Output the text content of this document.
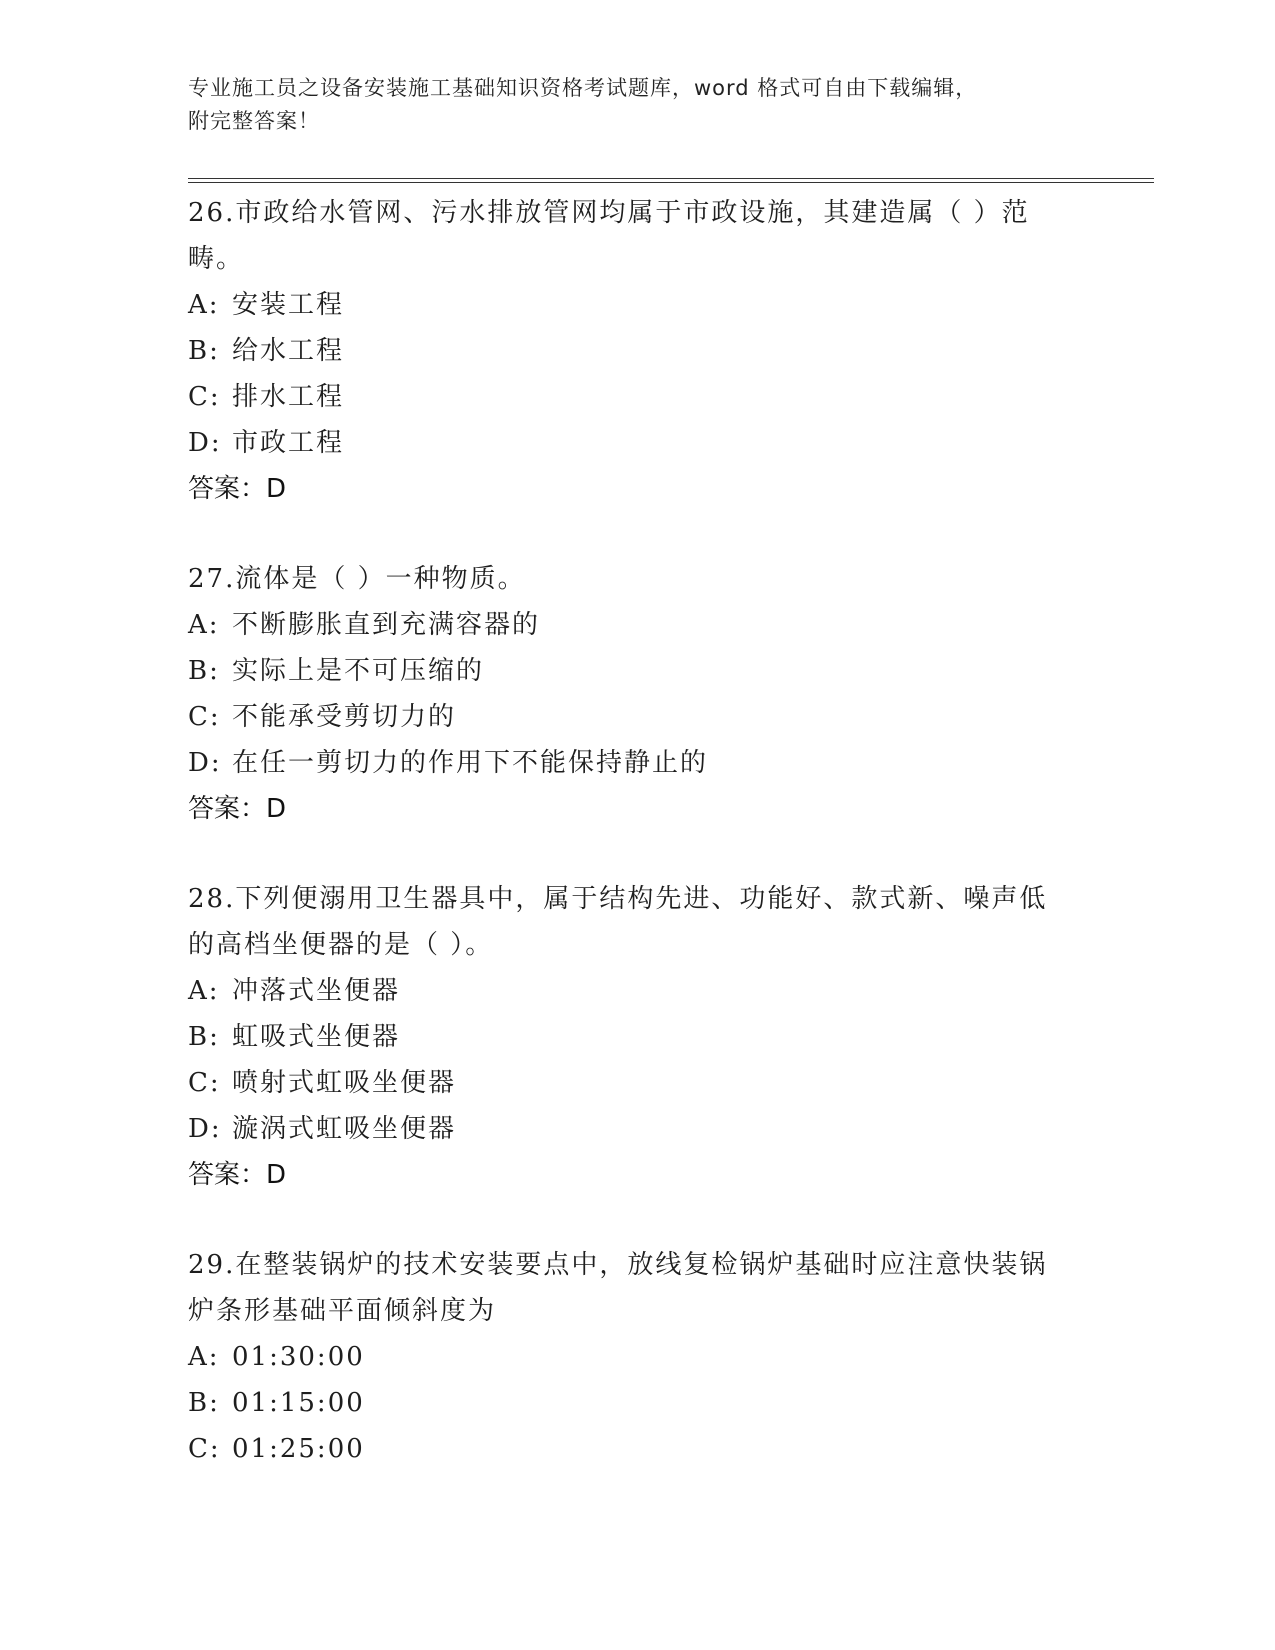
专业施工员之设备安装施工基础知识资格考试题库，word 格式可自由下载编辑，
附完整答案！

26.市政给水管网、污水排放管网均属于市政设施，其建造属（ ）范
畴。

A: 安装工程

B: 给水工程

C: 排水工程

D: 市政工程

答案：D

27.流体是（ ）一种物质。

A: 不断膨胀直到充满容器的

B: 实际上是不可压缩的

C: 不能承受剪切力的

D: 在任一剪切力的作用下不能保持静止的

答案：D

28.下列便溺用卫生器具中，属于结构先进、功能好、款式新、噪声低
的高档坐便器的是（ ）。

A: 冲落式坐便器

B: 虹吸式坐便器

C: 喷射式虹吸坐便器

D: 漩涡式虹吸坐便器

答案：D

29.在整装锅炉的技术安装要点中，放线复检锅炉基础时应注意快装锅
炉条形基础平面倾斜度为

A: 01:30:00

B: 01:15:00

C: 01:25:00
